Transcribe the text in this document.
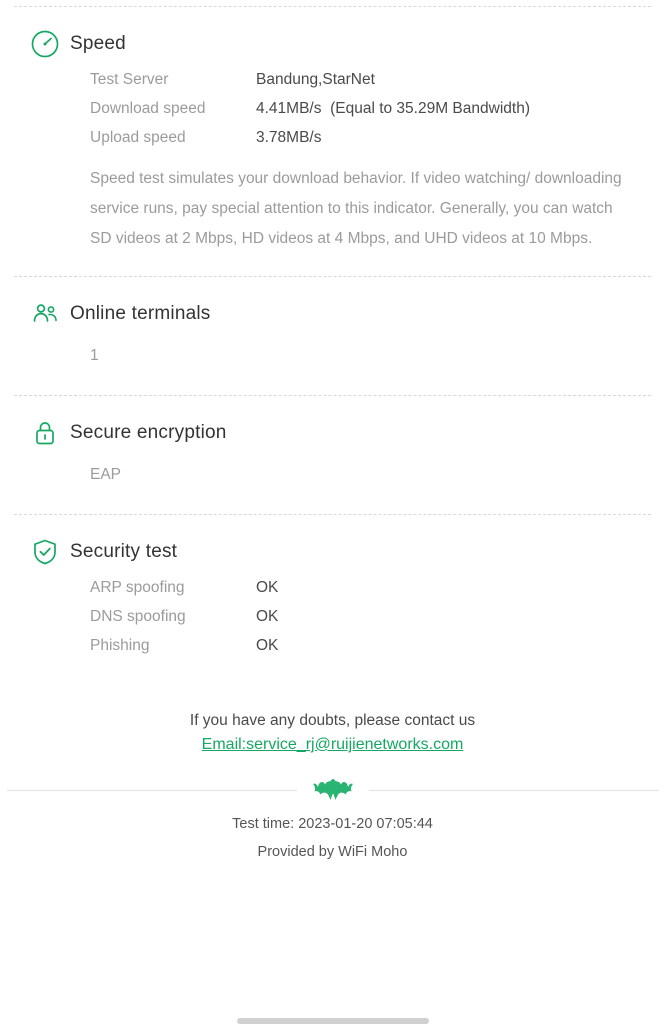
Speed
Test Server	Bandung,StarNet
Download speed	4.41MB/s  (Equal to 35.29M Bandwidth)
Upload speed	3.78MB/s
Speed test simulates your download behavior. If video watching/ downloading service runs, pay special attention to this indicator. Generally, you can watch SD videos at 2 Mbps, HD videos at 4 Mbps, and UHD videos at 10 Mbps.
Online terminals
1
Secure encryption
EAP
Security test
ARP spoofing	OK
DNS spoofing	OK
Phishing	OK
If you have any doubts, please contact us
Email:service_rj@ruijienetworks.com
Test time: 2023-01-20 07:05:44
Provided by WiFi Moho
